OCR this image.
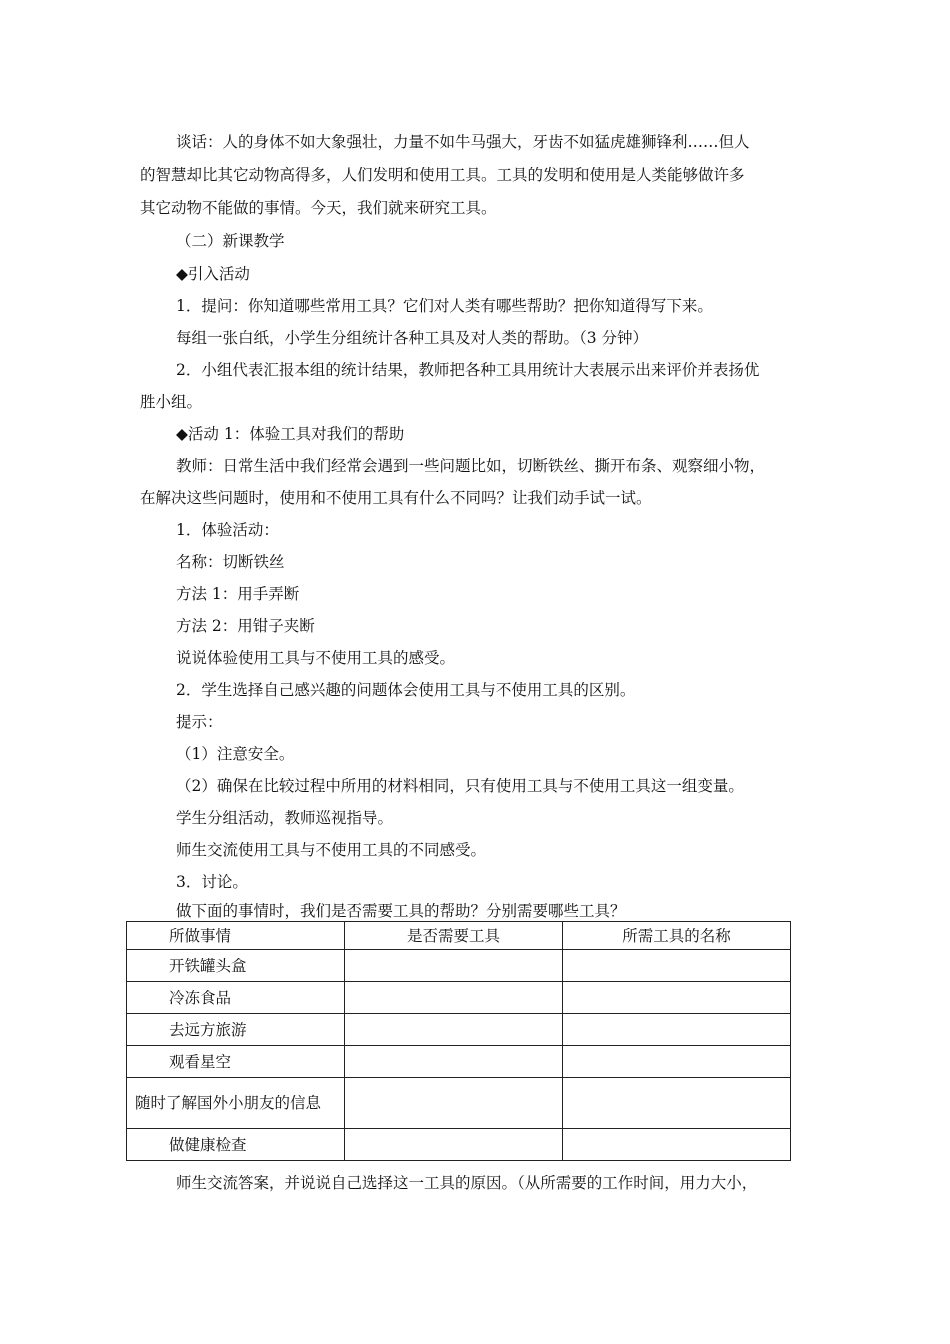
谈话：人的身体不如大象强壮，力量不如牛马强大，牙齿不如猛虎雄狮锋利……但人
的智慧却比其它动物高得多，人们发明和使用工具。工具的发明和使用是人类能够做许多
其它动物不能做的事情。今天，我们就来研究工具。
（二）新课教学
◆引入活动
1．提问：你知道哪些常用工具？它们对人类有哪些帮助？把你知道得写下来。
每组一张白纸，小学生分组统计各种工具及对人类的帮助。（3 分钟）
2．小组代表汇报本组的统计结果，教师把各种工具用统计大表展示出来评价并表扬优
胜小组。
◆活动 1：体验工具对我们的帮助
教师：日常生活中我们经常会遇到一些问题比如，切断铁丝、撕开布条、观察细小物，
在解决这些问题时，使用和不使用工具有什么不同吗？让我们动手试一试。
1．体验活动：
名称：切断铁丝
方法 1：用手弄断
方法 2：用钳子夹断
说说体验使用工具与不使用工具的感受。
2．学生选择自己感兴趣的问题体会使用工具与不使用工具的区别。
提示：
（1）注意安全。
（2）确保在比较过程中所用的材料相同，只有使用工具与不使用工具这一组变量。
学生分组活动，教师巡视指导。
师生交流使用工具与不使用工具的不同感受。
3．讨论。
做下面的事情时，我们是否需要工具的帮助？分别需要哪些工具？
所做事情	是否需要工具	所需工具的名称
开铁罐头盒		
冷冻食品		
去远方旅游		
观看星空		
随时了解国外小朋友的信息		
做健康检查		
师生交流答案，并说说自己选择这一工具的原因。（从所需要的工作时间，用力大小，
